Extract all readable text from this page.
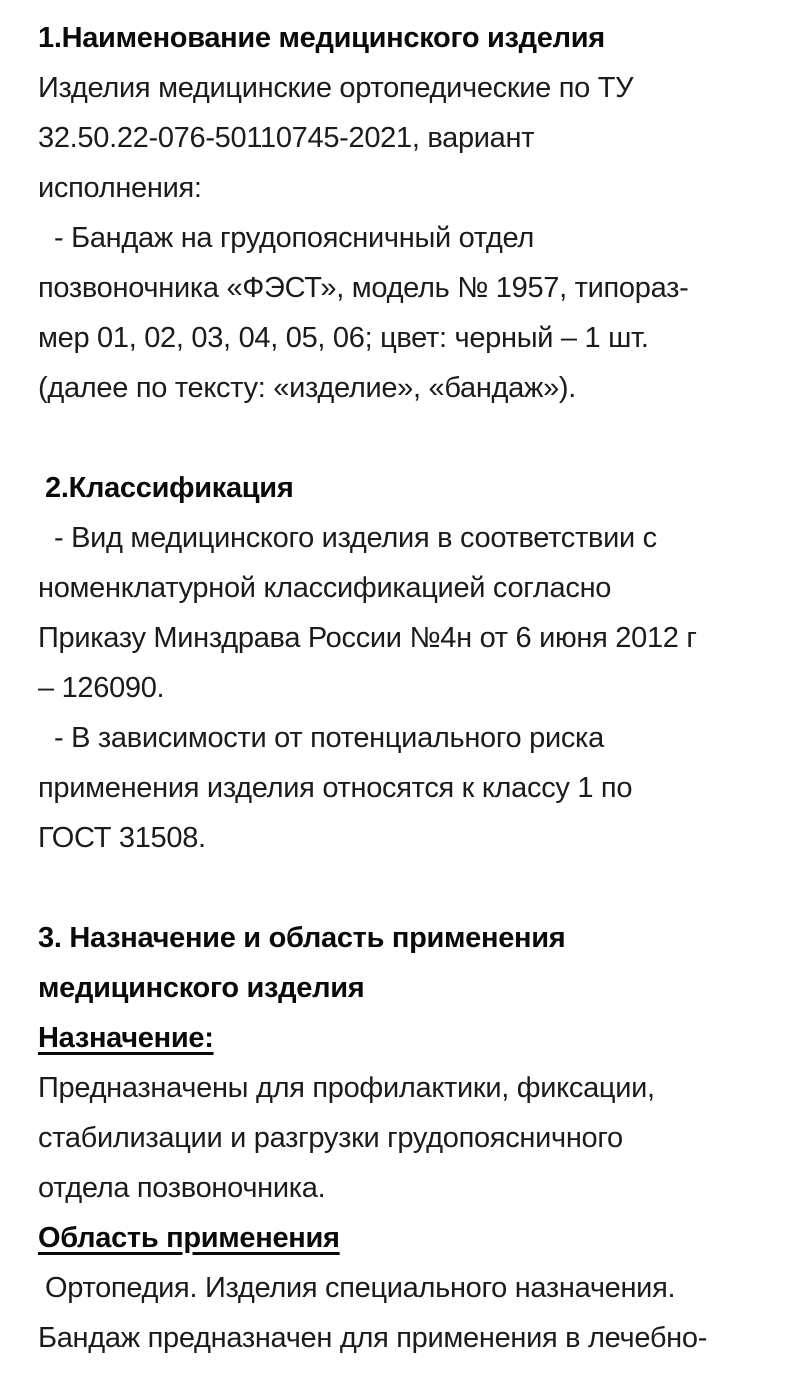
1.Наименование медицинского изделия
Изделия медицинские ортопедические по ТУ
32.50.22-076-50110745-2021, вариант
исполнения:
- Бандаж на грудопоясничный отдел
позвоночника «ФЭСТ», модель № 1957, типораз-
мер 01, 02, 03, 04, 05, 06; цвет: черный – 1 шт.
(далее по тексту: «изделие», «бандаж»).
2.Классификация
- Вид медицинского изделия в соответствии с
номенклатурной классификацией согласно
Приказу Минздрава России №4н от 6 июня 2012 г
– 126090.
- В зависимости от потенциального риска
применения изделия относятся к классу 1 по
ГОСТ 31508.
3. Назначение и область применения
медицинского изделия
Назначение:
Предназначены для профилактики, фиксации,
стабилизации и разгрузки грудопоясничного
отдела позвоночника.
Область применения
Ортопедия. Изделия специального назначения.
Бандаж предназначен для применения в лечебно-
